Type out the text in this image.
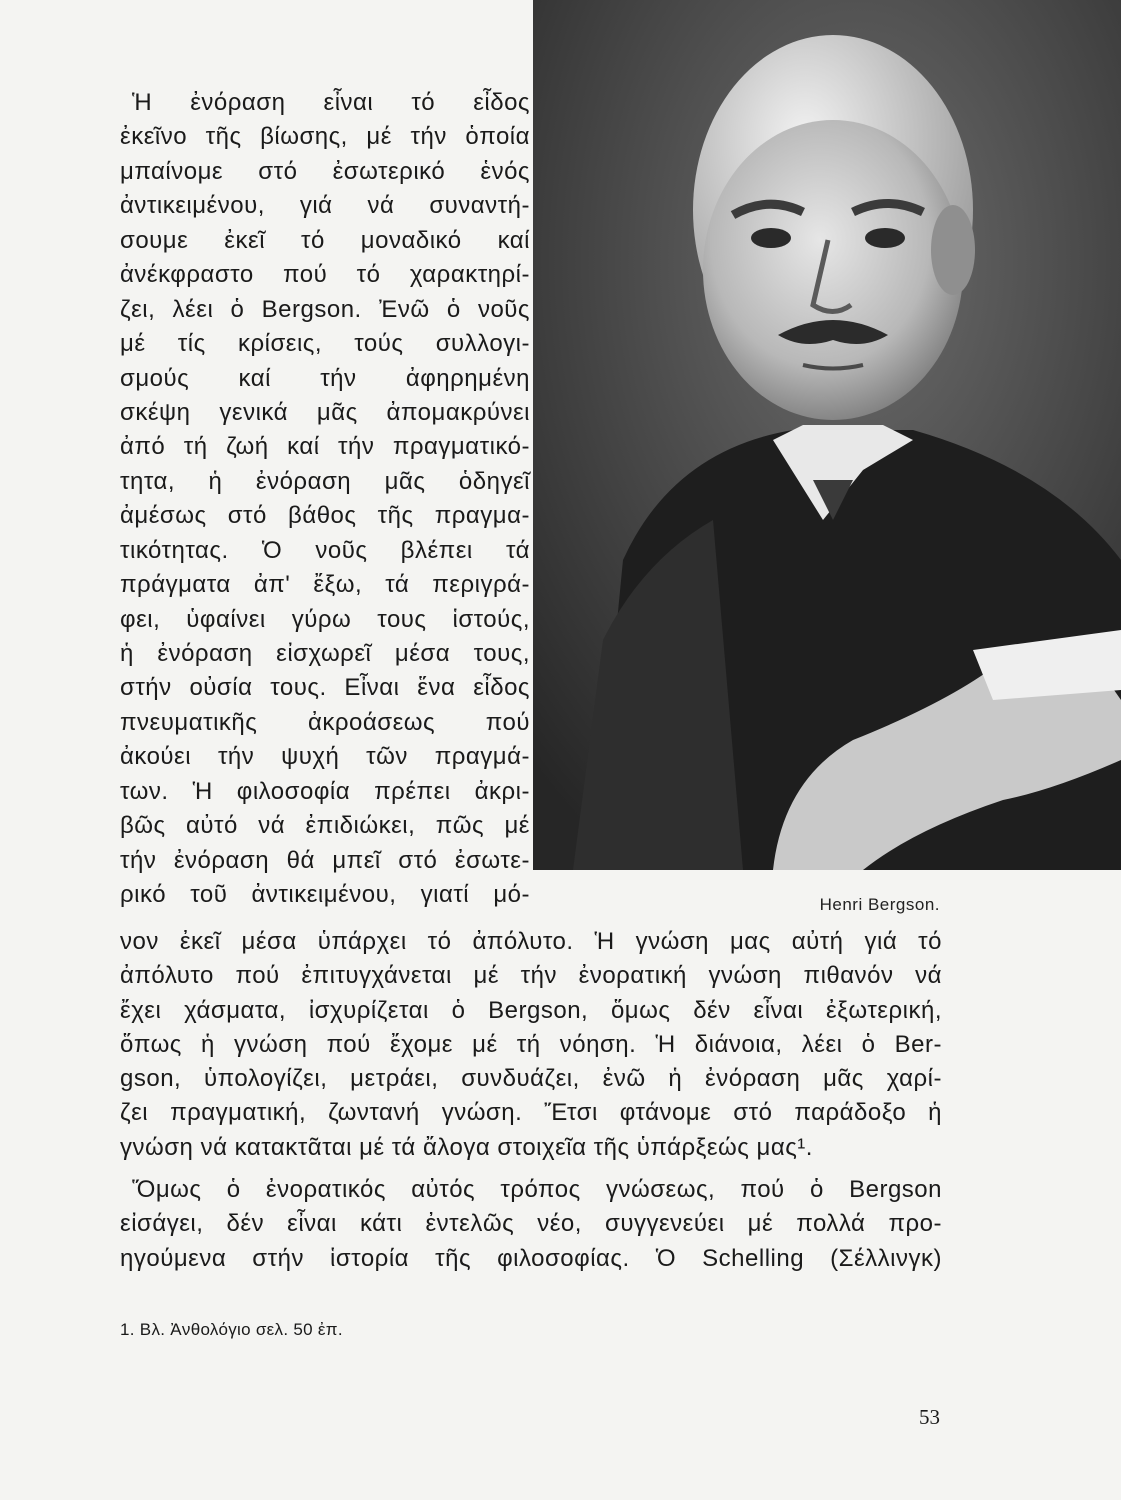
Ἡ ἐνόραση εἶναι τό εἶδος
ἐκεῖνο τῆς βίωσης, μέ τήν ὁποία
μπαίνομε στό ἐσωτερικό ἑνός
ἀντικειμένου, γιά νά συναντή-
σουμε ἐκεῖ τό μοναδικό καί
ἀνέκφραστο πού τό χαρακτηρί-
ζει, λέει ὁ Bergson. Ἐνῶ ὁ νοῦς
μέ τίς κρίσεις, τούς συλλογι-
σμούς καί τήν ἀφηρημένη
σκέψη γενικά μᾶς ἀπομακρύνει
ἀπό τή ζωή καί τήν πραγματικό-
τητα, ἡ ἐνόραση μᾶς ὁδηγεῖ
ἀμέσως στό βάθος τῆς πραγμα-
τικότητας. Ὁ νοῦς βλέπει τά
πράγματα ἀπ' ἔξω, τά περιγρά-
φει, ὑφαίνει γύρω τους ἱστούς,
ἡ ἐνόραση εἰσχωρεῖ μέσα τους,
στήν οὐσία τους. Εἶναι ἕνα εἶδος
πνευματικῆς ἀκροάσεως πού
ἀκούει τήν ψυχή τῶν πραγμά-
των. Ἡ φιλοσοφία πρέπει ἀκρι-
βῶς αὐτό νά ἐπιδιώκει, πῶς μέ
τήν ἐνόραση θά μπεῖ στό ἐσωτε-
ρικό τοῦ ἀντικειμένου, γιατί μό-	Henri Bergson.
νον ἐκεῖ μέσα ὑπάρχει τό ἀπόλυτο. Ἡ γνώση μας αὐτή γιά τό
ἀπόλυτο πού ἐπιτυγχάνεται μέ τήν ἐνορατική γνώση πιθανόν νά
ἔχει χάσματα, ἰσχυρίζεται ὁ Bergson, ὅμως δέν εἶναι ἐξωτερική,
ὅπως ἡ γνώση πού ἔχομε μέ τή νόηση. Ἡ διάνοια, λέει ὁ Ber-
gson, ὑπολογίζει, μετράει, συνδυάζει, ἐνῶ ἡ ἐνόραση μᾶς χαρί-
ζει πραγματική, ζωντανή γνώση. Ἔτσι φτάνομε στό παράδοξο ἡ
γνώση νά κατακτᾶται μέ τά ἄλογα στοιχεῖα τῆς ὑπάρξεώς μας¹.
Ὅμως ὁ ἐνορατικός αὐτός τρόπος γνώσεως, πού ὁ Bergson
εἰσάγει, δέν εἶναι κάτι ἐντελῶς νέο, συγγενεύει μέ πολλά προ-
ηγούμενα στήν ἱστορία τῆς φιλοσοφίας. Ὁ Schelling (Σέλλινγκ)
1. Βλ. Ἀνθολόγιο σελ. 50 ἐπ.
53
